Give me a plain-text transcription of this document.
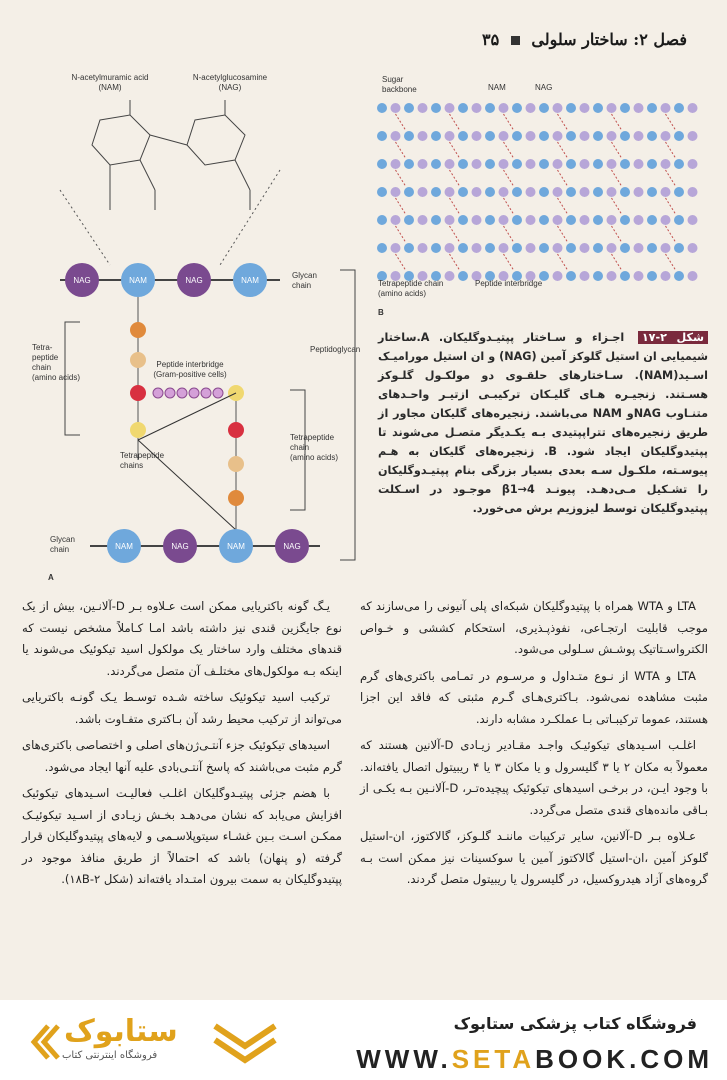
فصل ۲: ساختار سلولی  ۳۵
N-acetylmuramic acid
(NAM)
N-acetylglucosamine
(NAG)
NAG	NAM	NAG	NAM
Glycan
chain
Peptide interbridge
(Gram-positive cells)
NAM	NAG	NAM	NAG
Glycan
chain
Tetra-
peptide
chain
(amino acids)
Tetrapeptide
chains
Tetrapeptide
chain
(amino acids)
Peptidoglycan
A
Sugar
backbone	NAM	NAG
Tetrapeptide chain
(amino acids)
Peptide interbridge
B
شکل ۲-۱۷ اجـزاء و سـاختار پپتیـدوگلیکان. A.ساختار شیمیایی ان استیل گلوکز آمین (NAG) و ان استیل مورامیـک اسـید(NAM). سـاختارهای حلقـوی دو مولکـول گلـوکز هسـتند. زنجیـره هـای گلیـکان ترکیبـی ازتیـر واحـدهای متنـاوب NAGو NAM می‌باشند. زنجیره‌های گلیکان مجاور از طریق زنجیره‌های تتراپپتیدی بـه یکـدیگر متصـل می‌شوند تا پپتیدوگلیکان ایجاد شود. B. زنجیره‌های گلیکان به هـم پیوسـته، ملکـول سـه بعدی بسیار بزرگی بنام پپتیـدوگلیکان را تشـکیل مـی‌دهـد. پیونـد β1→4 موجـود در اسـکلت پپتیدوگلیکان توسط لیزوزیم برش می‌خورد.

LTA و WTA همراه با پپتیدوگلیکان شبکه‌ای پلی آنیونی را می‌سازند که موجب قابلیت ارتجـاعی، نفوذپـذیری، استحکام کششی و خـواص الکترواسـتاتیک پوشـش سـلولی می‌شود.

LTA و WTA از نـوع متـداول و مرسـوم در تمـامی باکتری‌های گرم مثبت مشاهده نمی‌شود. بـاکتری‌هـای گـرم مثبتی که فاقد این اجزا هستند، عموما ترکیبـاتی بـا عملکـرد مشابه دارند.

اغلـب اسـیدهای تیکوئیـک واجـد مقـادیر زیـادی D-آلانین هستند که معمولاً به مکان ۲ یا ۳ گلیسرول و یا مکان ۳ یا ۴ ریبیتول اتصال یافته‌اند. با وجود ایـن، در برخـی اسیدهای تیکوئیک پیچیده‌تـر، D-آلانـین بـه یکـی از بـاقی مانده‌های قندی متصل می‌گردد.

عـلاوه بـر D-آلانین، سایر ترکیبات ماننـد گلـوکز، گالاکتوز، ان-استیل گلوکز آمین ،ان-استیل گالاکتوز آمین یا سوکسینات نیز ممکن است بـه گروه‌های آزاد هیدروکسیل، در گلیسرول یا ریبیتول متصل گردند.

یـگ گونه باکتریایی ممکن است عـلاوه بـر D-آلانـین، بیش از یک نوع جایگزین قندی نیز داشته باشد امـا کـاملاً مشخص نیست که قندهای مختلف وارد ساختار یک مولکول اسید تیکوئیک می‌شوند یا اینکه بـه مولکول‌های مختلـف آن متصل می‌گردند.

ترکیب اسید تیکوئیک ساخته شـده توسـط یـک گونـه باکتریایی می‌تواند از ترکیب محیط رشد آن بـاکتری متفـاوت باشد.

اسیدهای تیکوئیک جزء آنتـی‌ژن‌های اصلی و اختصاصی باکتری‌های گرم مثبت می‌باشند که پاسخ آنتـی‌بادی علیه آنها ایجاد می‌شود.

با هضم جزئی پپتیـدوگلیکان اغلـب فعالیـت اسـیدهای تیکوئیک افزایش می‌یابد که نشان می‌دهـد بخـش زیـادی از اسـید تیکوئیـک ممکـن اسـت بـین غشـاء سیتوپلاسـمی و لایه‌های پپتیدوگلیکان قرار گرفته (و پنهان) باشد که احتمالاً از طریق منافذ موجود در پپتیدوگلیکان به سمت بیرون امتـداد یافته‌اند (شکل ۱۸B-۲).

ستابوک
فروشگاه اینترنتی کتاب
فروشگاه کتاب پزشکی ستابوک
WWW.SETABOOK.COM
